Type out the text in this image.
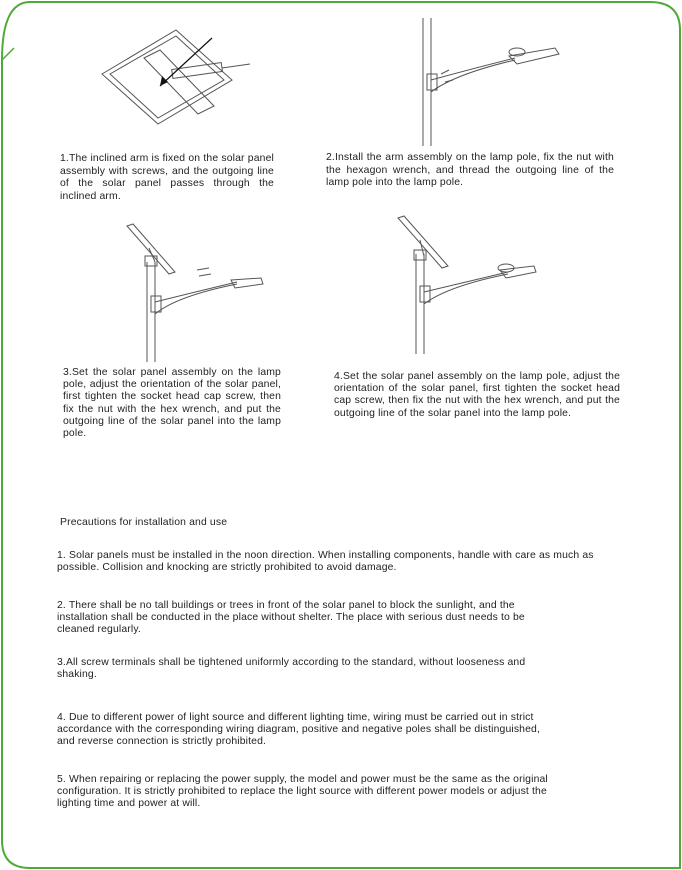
1.The inclined arm is fixed on the solar panel assembly with screws, and the outgoing line of the solar panel passes through the inclined arm.
2.Install the arm assembly on the lamp pole, fix the nut with the hexagon wrench, and thread the outgoing line of the lamp pole into the lamp pole.
3.Set the solar panel assembly on the lamp pole, adjust the orientation of the solar panel, first tighten the socket head cap screw, then fix the nut with the hex wrench, and put the outgoing line of the solar panel into the lamp pole.
4.Set the solar panel assembly on the lamp pole, adjust the orientation of the solar panel, first tighten the socket head cap screw, then fix the nut with the hex wrench, and put the outgoing line of the solar panel into the lamp pole.
Precautions for installation and use
1. Solar panels must be installed in the noon direction. When installing components, handle with care as much as possible. Collision and knocking are strictly prohibited to avoid damage.
2. There shall be no tall buildings or trees in front of the solar panel to block the sunlight, and the installation shall be conducted in the place without shelter. The place with serious dust needs to be cleaned regularly.
3.All screw terminals shall be tightened uniformly according to the standard, without looseness and shaking.
4. Due to different power of light source and different lighting time, wiring must be carried out in strict accordance with the corresponding wiring diagram, positive and negative poles shall be distinguished, and reverse connection is strictly prohibited.
5. When repairing or replacing the power supply, the model and power must be the same as the original configuration. It is strictly prohibited to replace the light source with different power models or adjust the lighting time and power at will.
